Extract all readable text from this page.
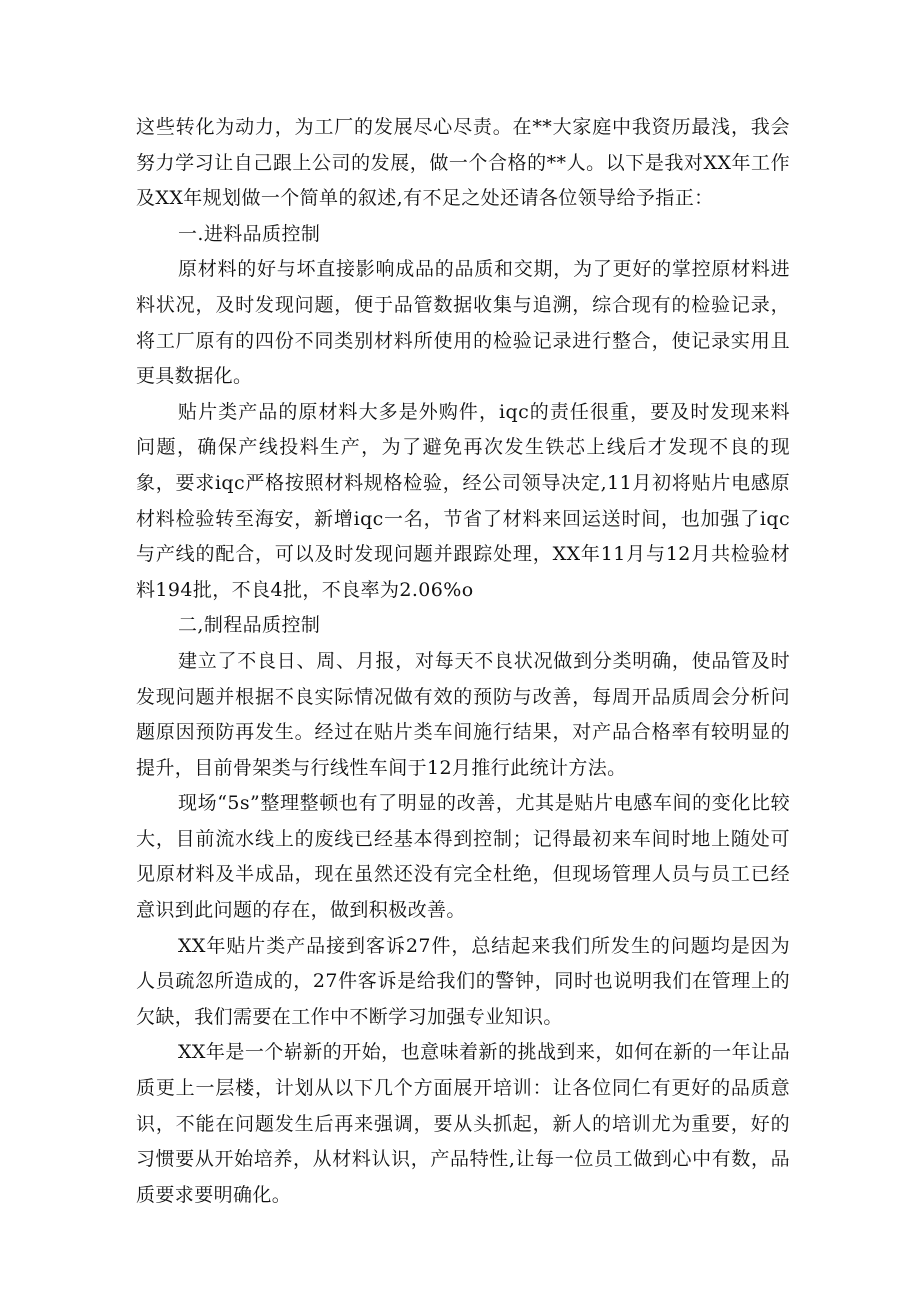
这些转化为动力，为工厂的发展尽心尽责。在**大家庭中我资历最浅，我会努力学习让自己跟上公司的发展，做一个合格的**人。以下是我对XX年工作及XX年规划做一个简单的叙述,有不足之处还请各位领导给予指正：

一.进料品质控制

原材料的好与坏直接影响成品的品质和交期，为了更好的掌控原材料进料状况，及时发现问题，便于品管数据收集与追溯，综合现有的检验记录，将工厂原有的四份不同类别材料所使用的检验记录进行整合，使记录实用且更具数据化。

贴片类产品的原材料大多是外购件，iqc的责任很重，要及时发现来料问题，确保产线投料生产，为了避免再次发生铁芯上线后才发现不良的现象，要求iqc严格按照材料规格检验，经公司领导决定,11月初将贴片电感原材料检验转至海安，新增iqc一名，节省了材料来回运送时间，也加强了iqc与产线的配合，可以及时发现问题并跟踪处理，XX年11月与12月共检验材料194批，不良4批，不良率为2.06%o

二,制程品质控制

建立了不良日、周、月报，对每天不良状况做到分类明确，使品管及时发现问题并根据不良实际情况做有效的预防与改善，每周开品质周会分析问题原因预防再发生。经过在贴片类车间施行结果，对产品合格率有较明显的提升，目前骨架类与行线性车间于12月推行此统计方法。

现场“5s”整理整顿也有了明显的改善，尤其是贴片电感车间的变化比较大，目前流水线上的废线已经基本得到控制；记得最初来车间时地上随处可见原材料及半成品，现在虽然还没有完全杜绝，但现场管理人员与员工已经意识到此问题的存在，做到积极改善。

XX年贴片类产品接到客诉27件，总结起来我们所发生的问题均是因为人员疏忽所造成的，27件客诉是给我们的警钟，同时也说明我们在管理上的欠缺，我们需要在工作中不断学习加强专业知识。

XX年是一个崭新的开始，也意味着新的挑战到来，如何在新的一年让品质更上一层楼，计划从以下几个方面展开培训：让各位同仁有更好的品质意识，不能在问题发生后再来强调，要从头抓起，新人的培训尤为重要，好的习惯要从开始培养，从材料认识，产品特性,让每一位员工做到心中有数，品质要求要明确化。
